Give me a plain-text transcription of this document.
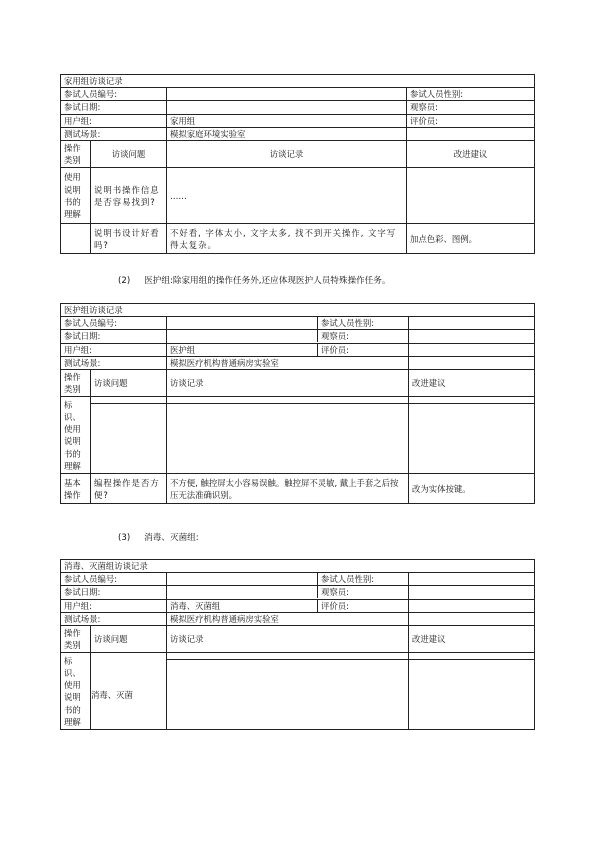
家用组访谈记录			
参试人员编号:			参试人员性别:
参试日期:			观察员:
用户组:		家用组	评价员:
测试场景:		模拟家庭环境实验室	
操作类别	访谈问题	访谈记录	改进建议
使用说明书的理解	说明书操作信息是否容易找到?	……	
	说明书设计好看吗?	不好看, 字体太小, 文字太多, 找不到开关操作, 文字写得太复杂。	加点色彩、图例。
(2) 医护组:除家用组的操作任务外,还应体现医护人员特殊操作任务。
医护组访谈记录			
参试人员编号:		参试人员性别:	

参试日期:		观察员:	

用户组:		医护组 评价员:	

测试场景:		模拟医疗机构普通病房实验室	
操作类别	访谈问题	访谈记录	改进建议
标识、使用说明书的理解			

基本操作	编程操作是否方便?	不方便, 触控屏太小容易误触。触控屏不灵敏, 戴上手套之后按压无法准确识别。	改为实体按键。
(3) 消毒、灭菌组:
消毒、灭菌组访谈记录			
参试人员编号:		参试人员性别:	

参试日期:		观察员:	

用户组:		消毒、灭菌组 评价员:	

测试场景:		模拟医疗机构普通病房实验室	
操作类别	访谈问题	访谈记录	改进建议
标识、使用说明书的理解	消毒、灭菌		
